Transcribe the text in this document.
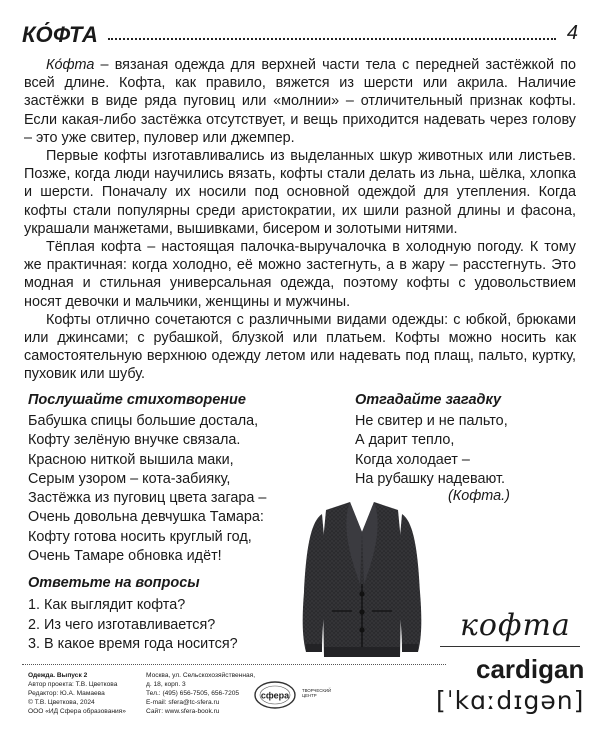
КО́ФТА	4

Ко́фта – вязаная одежда для верхней части тела с передней застёжкой по всей длине. Кофта, как правило, вяжется из шерсти или акрила. Наличие застёжки в виде ряда пуговиц или «молнии» – отличительный признак кофты. Если какая-либо застёжка отсутствует, и вещь приходится надевать через голову – это уже свитер, пуловер или джемпер.

Первые кофты изготавливались из выделанных шкур животных или листьев. Позже, когда люди научились вязать, кофты стали делать из льна, шёлка, хлопка и шерсти. Поначалу их носили под основной одеждой для утепления. Когда кофты стали популярны среди аристократии, их шили разной длины и фасона, украшали манжетами, вышивками, бисером и золотыми нитями.

Тёплая кофта – настоящая палочка-выручалочка в холодную погоду. К тому же практичная: когда холодно, её можно застегнуть, а в жару – расстегнуть. Это модная и стильная универсальная одежда, поэтому кофты с удовольствием носят девочки и мальчики, женщины и мужчины.

Кофты отлично сочетаются с различными видами одежды: с юбкой, брюками или джинсами; с рубашкой, блузкой или платьем. Кофты можно носить как самостоятельную верхнюю одежду летом или надевать под плащ, пальто, куртку, пуховик или шубу.

Послушайте стихотворение
Бабушка спицы большие достала,
Кофту зелёную внучке связала.
Красною ниткой вышила маки,
Серым узором – кота-забияку,
Застёжка из пуговиц цвета загара –
Очень довольна девчушка Тамара:
Кофту готова носить круглый год,
Очень Тамаре обновка идёт!
Отгадайте загадку
Не свитер и не пальто,
А дарит тепло,
Когда холодает –
На рубашку надевают.
(Кофта.)
Ответьте на вопросы
1. Как выглядит кофта?
2. Из чего изготавливается?
3. В какое время года носится?
кофта
cardigan
[ˈkɑːdɪgən]
Одежда. Выпуск 2
Автор проекта: Т.В. Цветкова
Редактор: Ю.А. Мамаева
© Т.В. Цветкова, 2024
ООО «ИД Сфера образования»
Москва, ул. Сельскохозяйственная,
д. 18, корп. 3
Тел.: (495) 656-7505, 656-7205
E-mail: sfera@tc-sfera.ru
Сайт: www.sfera-book.ru
сфера	ТВОРЧЕСКИЙ ЦЕНТР
